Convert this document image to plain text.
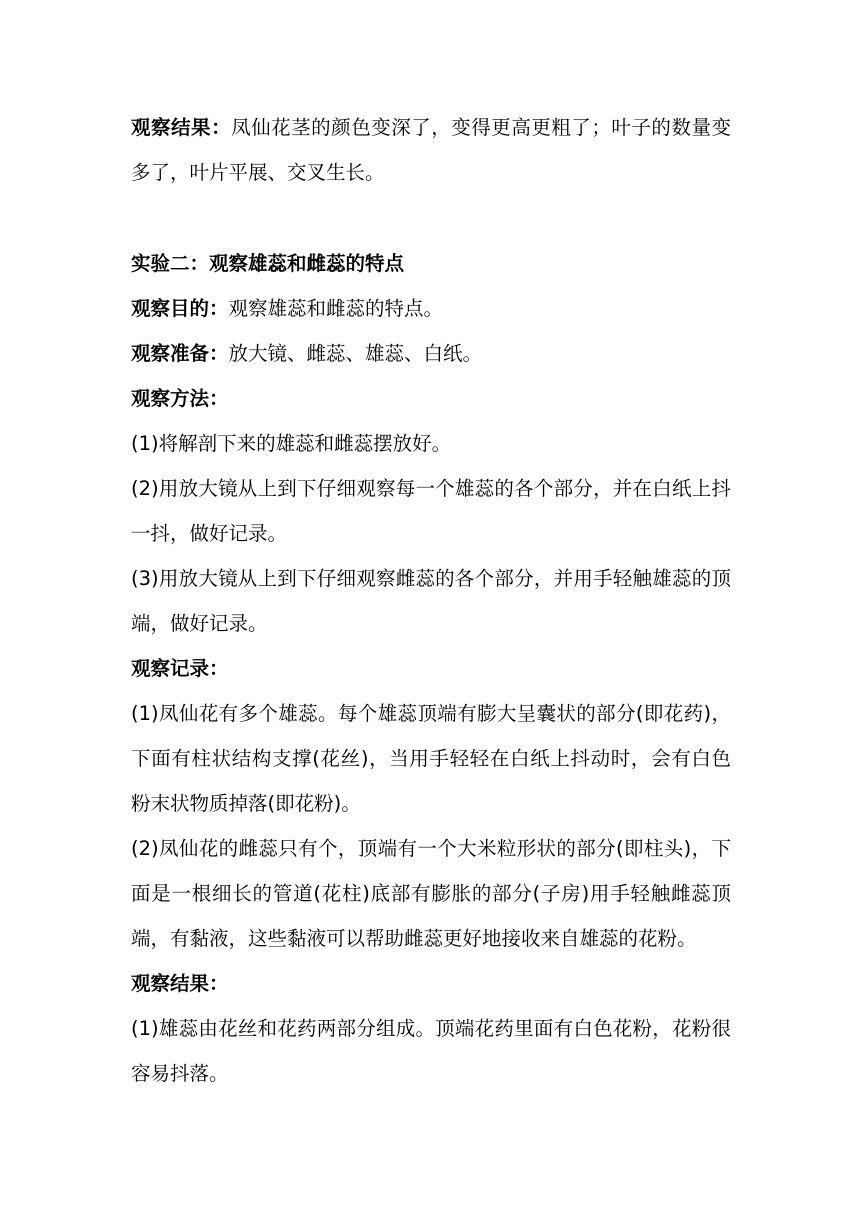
观察结果：凤仙花茎的颜色变深了，变得更高更粗了；叶子的数量变
多了，叶片平展、交叉生长。
实验二：观察雄蕊和雌蕊的特点
观察目的：观察雄蕊和雌蕊的特点。
观察准备：放大镜、雌蕊、雄蕊、白纸。
观察方法：
(1)将解剖下来的雄蕊和雌蕊摆放好。
(2)用放大镜从上到下仔细观察每一个雄蕊的各个部分，并在白纸上抖
一抖，做好记录。
(3)用放大镜从上到下仔细观察雌蕊的各个部分，并用手轻触雄蕊的顶
端，做好记录。
观察记录：
(1)凤仙花有多个雄蕊。每个雄蕊顶端有膨大呈囊状的部分(即花药)，
下面有柱状结构支撑(花丝)，当用手轻轻在白纸上抖动时，会有白色
粉末状物质掉落(即花粉)。
(2)凤仙花的雌蕊只有个，顶端有一个大米粒形状的部分(即柱头)，下
面是一根细长的管道(花柱)底部有膨胀的部分(子房)用手轻触雌蕊顶
端，有黏液，这些黏液可以帮助雌蕊更好地接收来自雄蕊的花粉。
观察结果：
(1)雄蕊由花丝和花药两部分组成。顶端花药里面有白色花粉，花粉很
容易抖落。
